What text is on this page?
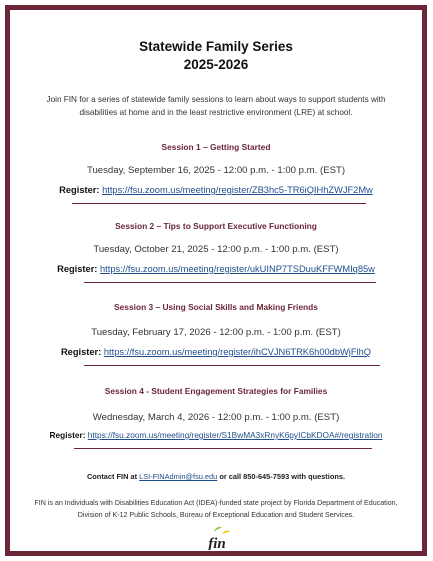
Statewide Family Series
2025-2026
Join FIN for a series of statewide family sessions to learn about ways to support students with disabilities at home and in the least restrictive environment (LRE) at school.
Session 1 – Getting Started
Tuesday, September 16, 2025 - 12:00 p.m. - 1:00 p.m. (EST)
Register: https://fsu.zoom.us/meeting/register/ZB3hc5-TR6iQIHhZWJF2Mw
Session 2 – Tips to Support Executive Functioning
Tuesday, October 21, 2025 - 12:00 p.m. - 1:00 p.m. (EST)
Register: https://fsu.zoom.us/meeting/register/ukUINP7TSDuuKFFWMIq85w
Session 3 – Using Social Skills and Making Friends
Tuesday, February 17, 2026 - 12:00 p.m. - 1:00 p.m. (EST)
Register: https://fsu.zoom.us/meeting/register/ihCVJN6TRK6h00dbWjFlhQ
Session 4 - Student Engagement Strategies for Families
Wednesday, March 4, 2026 - 12:00 p.m. - 1:00 p.m. (EST)
Register: https://fsu.zoom.us/meeting/register/S1BwMA3xRnyK6pyICbKDOA#/registration
Contact FIN at LSI-FINAdmin@fsu.edu or call 850-645-7593 with questions.
FIN is an Individuals with Disabilities Education Act (IDEA)-funded state project by Florida Department of Education, Division of K-12 Public Schools, Bureau of Exceptional Education and Student Services.
fin
